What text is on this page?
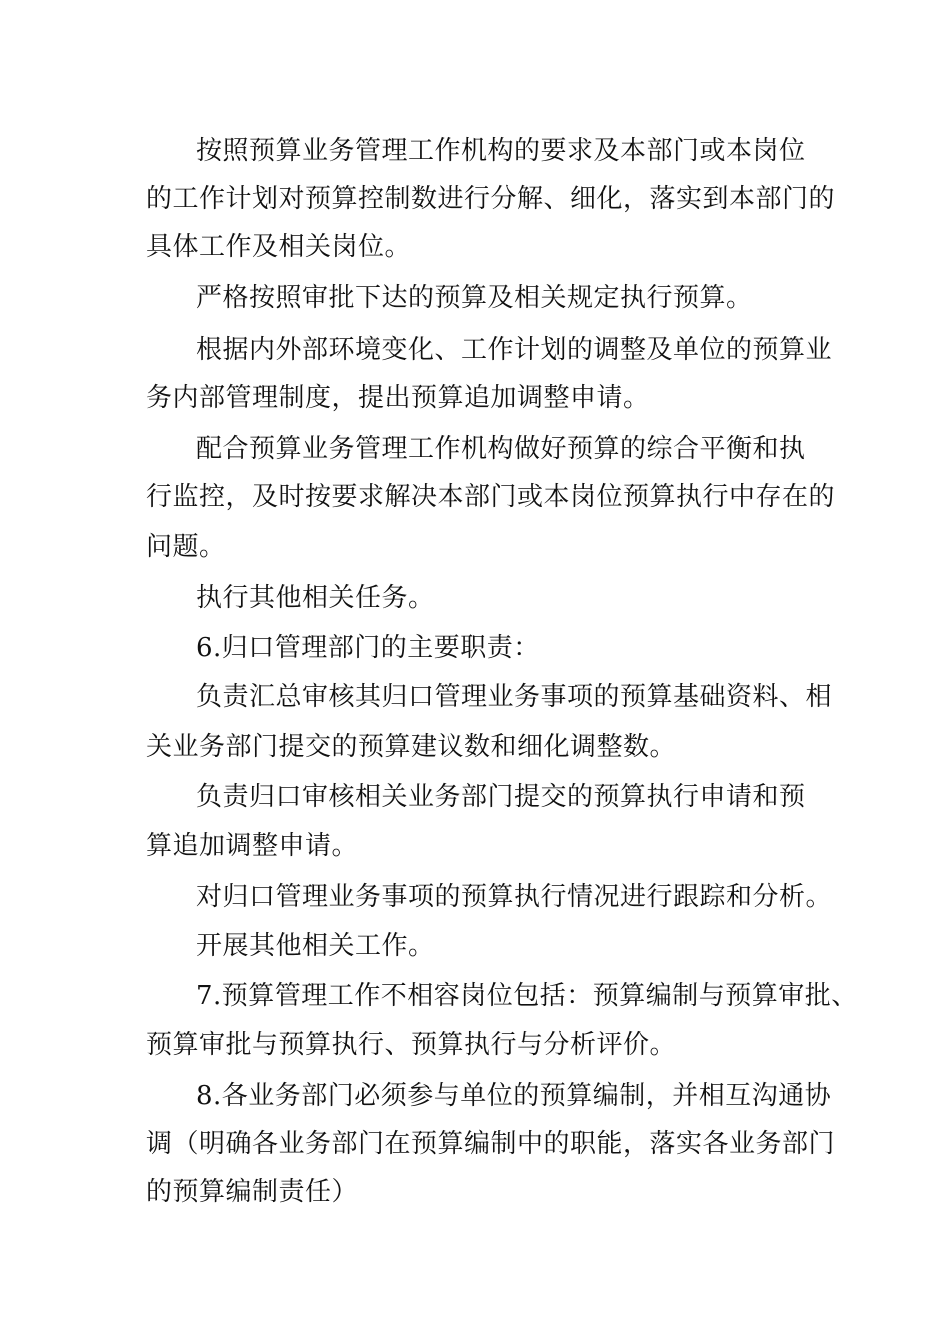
按照预算业务管理工作机构的要求及本部门或本岗位
的工作计划对预算控制数进行分解、细化，落实到本部门的
具体工作及相关岗位。
严格按照审批下达的预算及相关规定执行预算。
根据内外部环境变化、工作计划的调整及单位的预算业
务内部管理制度，提出预算追加调整申请。
配合预算业务管理工作机构做好预算的综合平衡和执
行监控，及时按要求解决本部门或本岗位预算执行中存在的
问题。
执行其他相关任务。
6.归口管理部门的主要职责：
负责汇总审核其归口管理业务事项的预算基础资料、相
关业务部门提交的预算建议数和细化调整数。
负责归口审核相关业务部门提交的预算执行申请和预
算追加调整申请。
对归口管理业务事项的预算执行情况进行跟踪和分析。
开展其他相关工作。
7.预算管理工作不相容岗位包括：预算编制与预算审批、
预算审批与预算执行、预算执行与分析评价。
8.各业务部门必须参与单位的预算编制，并相互沟通协
调（明确各业务部门在预算编制中的职能，落实各业务部门
的预算编制责任）
